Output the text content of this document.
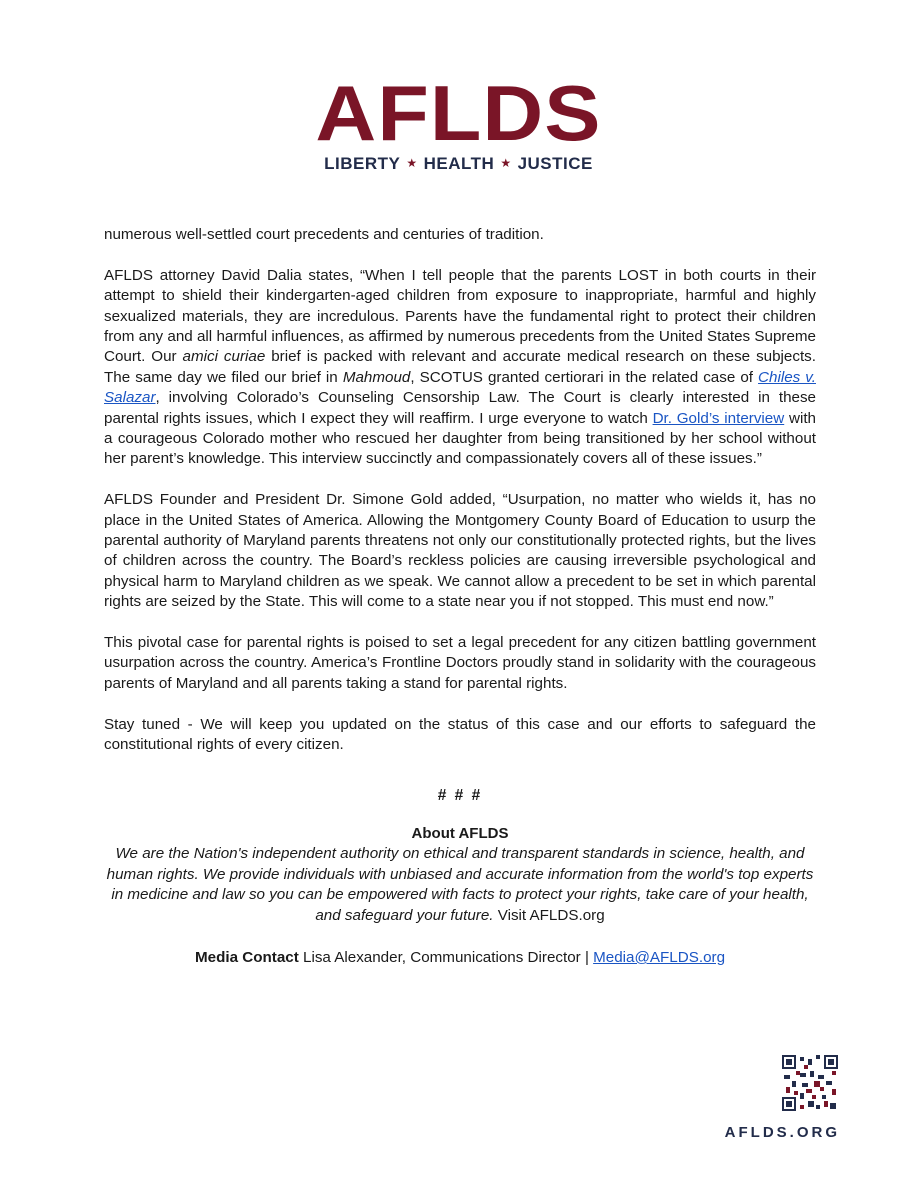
AFLDS
LIBERTY ★ HEALTH ★ JUSTICE

numerous well-settled court precedents and centuries of tradition.

AFLDS attorney David Dalia states, “When I tell people that the parents LOST in both courts in their attempt to shield their kindergarten-aged children from exposure to inappropriate, harmful and highly sexualized materials, they are incredulous. Parents have the fundamental right to protect their children from any and all harmful influences, as affirmed by numerous precedents from the United States Supreme Court. Our amici curiae brief is packed with relevant and accurate medical research on these subjects. The same day we filed our brief in Mahmoud, SCOTUS granted certiorari in the related case of Chiles v. Salazar, involving Colorado’s Counseling Censorship Law. The Court is clearly interested in these parental rights issues, which I expect they will reaffirm. I urge everyone to watch Dr. Gold’s interview with a courageous Colorado mother who rescued her daughter from being transitioned by her school without her parent’s knowledge. This interview succinctly and compassionately covers all of these issues.”

AFLDS Founder and President Dr. Simone Gold added, “Usurpation, no matter who wields it, has no place in the United States of America. Allowing the Montgomery County Board of Education to usurp the parental authority of Maryland parents threatens not only our constitutionally protected rights, but the lives of children across the country. The Board’s reckless policies are causing irreversible psychological and physical harm to Maryland children as we speak. We cannot allow a precedent to be set in which parental rights are seized by the State. This will come to a state near you if not stopped. This must end now.”

This pivotal case for parental rights is poised to set a legal precedent for any citizen battling government usurpation across the country. America’s Frontline Doctors proudly stand in solidarity with the courageous parents of Maryland and all parents taking a stand for parental rights.

Stay tuned - We will keep you updated on the status of this case and our efforts to safeguard the constitutional rights of every citizen.

# # #
About AFLDS

We are the Nation's independent authority on ethical and transparent standards in science, health, and human rights. We provide individuals with unbiased and accurate information from the world's top experts in medicine and law so you can be empowered with facts to protect your rights, take care of your health, and safeguard your future. Visit AFLDS.org

Media Contact Lisa Alexander, Communications Director | Media@AFLDS.org
AFLDS.ORG
